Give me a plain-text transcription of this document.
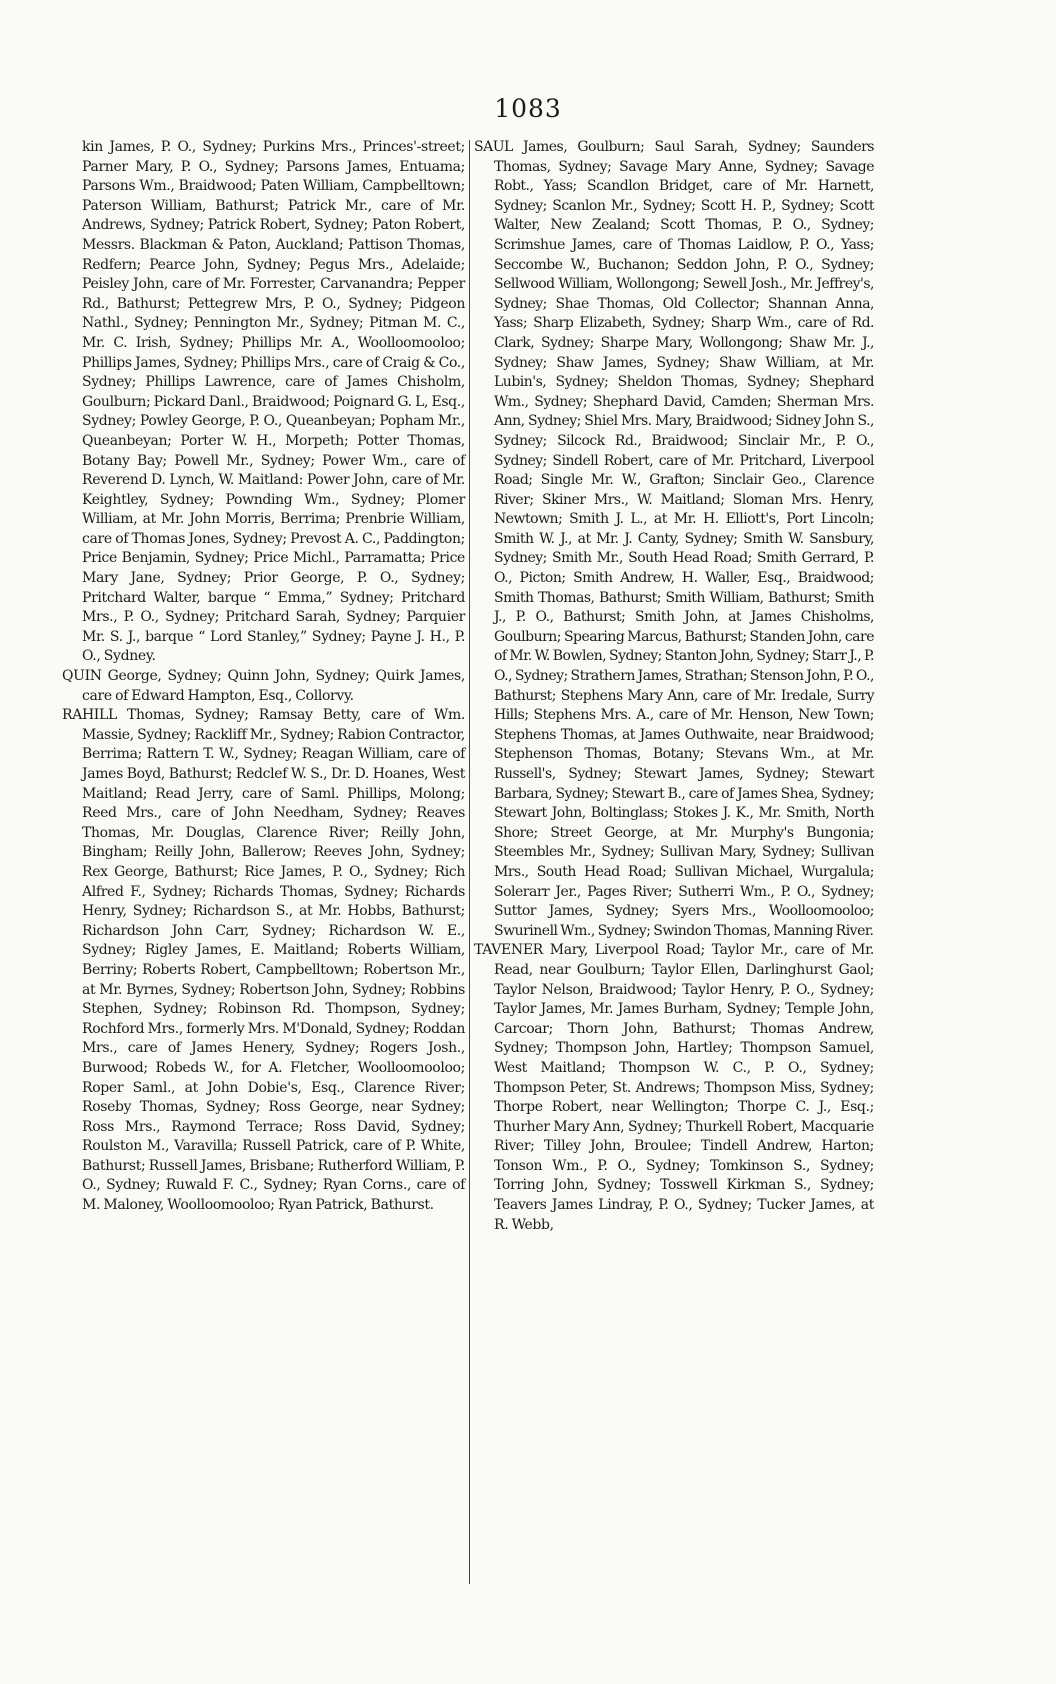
1083

kin James, P. O., Sydney; Purkins Mrs., Princes'-street; Parner Mary, P. O., Sydney; Parsons James, Entuama; Parsons Wm., Braidwood; Paten William, Campbelltown; Paterson William, Bathurst; Patrick Mr., care of Mr. Andrews, Sydney; Patrick Robert, Sydney; Paton Robert, Messrs. Blackman & Paton, Auckland; Pattison Thomas, Redfern; Pearce John, Sydney; Pegus Mrs., Adelaide; Peisley John, care of Mr. Forrester, Carvanandra; Pepper Rd., Bathurst; Pettegrew Mrs, P. O., Sydney; Pidgeon Nathl., Sydney; Pennington Mr., Sydney; Pitman M. C., Mr. C. Irish, Sydney; Phillips Mr. A., Woolloomooloo; Phillips James, Sydney; Phillips Mrs., care of Craig & Co., Sydney; Phillips Lawrence, care of James Chisholm, Goulburn; Pickard Danl., Braidwood; Poignard G. L, Esq., Sydney; Powley George, P. O., Queanbeyan; Popham Mr., Queanbeyan; Porter W. H., Morpeth; Potter Thomas, Botany Bay; Powell Mr., Sydney; Power Wm., care of Reverend D. Lynch, W. Maitland: Power John, care of Mr. Keightley, Sydney; Pownding Wm., Sydney; Plomer William, at Mr. John Morris, Berrima; Prenbrie William, care of Thomas Jones, Sydney; Prevost A. C., Paddington; Price Benjamin, Sydney; Price Michl., Parramatta; Price Mary Jane, Sydney; Prior George, P. O., Sydney; Pritchard Walter, barque “ Emma,” Sydney; Pritchard Mrs., P. O., Sydney; Pritchard Sarah, Sydney; Parquier Mr. S. J., barque “ Lord Stanley,” Sydney; Payne J. H., P. O., Sydney.

QUIN George, Sydney; Quinn John, Sydney; Quirk James, care of Edward Hampton, Esq., Collorvy.

RAHILL Thomas, Sydney; Ramsay Betty, care of Wm. Massie, Sydney; Rackliff Mr., Sydney; Rabion Contractor, Berrima; Rattern T. W., Sydney; Reagan William, care of James Boyd, Bathurst; Redclef W. S., Dr. D. Hoanes, West Maitland; Read Jerry, care of Saml. Phillips, Molong; Reed Mrs., care of John Needham, Sydney; Reaves Thomas, Mr. Douglas, Clarence River; Reilly John, Bingham; Reilly John, Ballerow; Reeves John, Sydney; Rex George, Bathurst; Rice James, P. O., Sydney; Rich Alfred F., Sydney; Richards Thomas, Sydney; Richards Henry, Sydney; Richardson S., at Mr. Hobbs, Bathurst; Richardson John Carr, Sydney; Richardson W. E., Sydney; Rigley James, E. Maitland; Roberts William, Berriny; Roberts Robert, Campbelltown; Robertson Mr., at Mr. Byrnes, Sydney; Robertson John, Sydney; Robbins Stephen, Sydney; Robinson Rd. Thompson, Sydney; Rochford Mrs., formerly Mrs. M'Donald, Sydney; Roddan Mrs., care of James Henery, Sydney; Rogers Josh., Burwood; Robeds W., for A. Fletcher, Woolloomooloo; Roper Saml., at John Dobie's, Esq., Clarence River; Roseby Thomas, Sydney; Ross George, near Sydney; Ross Mrs., Raymond Terrace; Ross David, Sydney; Roulston M., Varavilla; Russell Patrick, care of P. White, Bathurst; Russell James, Brisbane; Rutherford William, P. O., Sydney; Ruwald F. C., Sydney; Ryan Corns., care of M. Maloney, Woolloomooloo; Ryan Patrick, Bathurst.

SAUL James, Goulburn; Saul Sarah, Sydney; Saunders Thomas, Sydney; Savage Mary Anne, Sydney; Savage Robt., Yass; Scandlon Bridget, care of Mr. Harnett, Sydney; Scanlon Mr., Sydney; Scott H. P., Sydney; Scott Walter, New Zealand; Scott Thomas, P. O., Sydney; Scrimshue James, care of Thomas Laidlow, P. O., Yass; Seccombe W., Buchanon; Seddon John, P. O., Sydney; Sellwood William, Wollongong; Sewell Josh., Mr. Jeffrey's, Sydney; Shae Thomas, Old Collector; Shannan Anna, Yass; Sharp Elizabeth, Sydney; Sharp Wm., care of Rd. Clark, Sydney; Sharpe Mary, Wollongong; Shaw Mr. J., Sydney; Shaw James, Sydney; Shaw William, at Mr. Lubin's, Sydney; Sheldon Thomas, Sydney; Shephard Wm., Sydney; Shephard David, Camden; Sherman Mrs. Ann, Sydney; Shiel Mrs. Mary, Braidwood; Sidney John S., Sydney; Silcock Rd., Braidwood; Sinclair Mr., P. O., Sydney; Sindell Robert, care of Mr. Pritchard, Liverpool Road; Single Mr. W., Grafton; Sinclair Geo., Clarence River; Skiner Mrs., W. Maitland; Sloman Mrs. Henry, Newtown; Smith J. L., at Mr. H. Elliott's, Port Lincoln; Smith W. J., at Mr. J. Canty, Sydney; Smith W. Sansbury, Sydney; Smith Mr., South Head Road; Smith Gerrard, P. O., Picton; Smith Andrew, H. Waller, Esq., Braidwood; Smith Thomas, Bathurst; Smith William, Bathurst; Smith J., P. O., Bathurst; Smith John, at James Chisholms, Goulburn; Spearing Marcus, Bathurst; Standen John, care of Mr. W. Bowlen, Sydney; Stanton John, Sydney; Starr J., P. O., Sydney; Strathern James, Strathan; Stenson John, P. O., Bathurst; Stephens Mary Ann, care of Mr. Iredale, Surry Hills; Stephens Mrs. A., care of Mr. Henson, New Town; Stephens Thomas, at James Outhwaite, near Braidwood; Stephenson Thomas, Botany; Stevans Wm., at Mr. Russell's, Sydney; Stewart James, Sydney; Stewart Barbara, Sydney; Stewart B., care of James Shea, Sydney; Stewart John, Boltinglass; Stokes J. K., Mr. Smith, North Shore; Street George, at Mr. Murphy's Bungonia; Steembles Mr., Sydney; Sullivan Mary, Sydney; Sullivan Mrs., South Head Road; Sullivan Michael, Wurgalula; Solerarr Jer., Pages River; Sutherri Wm., P. O., Sydney; Suttor James, Sydney; Syers Mrs., Woolloomooloo; Swurinell Wm., Sydney; Swindon Thomas, Manning River.

TAVENER Mary, Liverpool Road; Taylor Mr., care of Mr. Read, near Goulburn; Taylor Ellen, Darlinghurst Gaol; Taylor Nelson, Braidwood; Taylor Henry, P. O., Sydney; Taylor James, Mr. James Burham, Sydney; Temple John, Carcoar; Thorn John, Bathurst; Thomas Andrew, Sydney; Thompson John, Hartley; Thompson Samuel, West Maitland; Thompson W. C., P. O., Sydney; Thompson Peter, St. Andrews; Thompson Miss, Sydney; Thorpe Robert, near Wellington; Thorpe C. J., Esq.; Thurher Mary Ann, Sydney; Thurkell Robert, Macquarie River; Tilley John, Broulee; Tindell Andrew, Harton; Tonson Wm., P. O., Sydney; Tomkinson S., Sydney; Torring John, Sydney; Tosswell Kirkman S., Sydney; Teavers James Lindray, P. O., Sydney; Tucker James, at R. Webb,
